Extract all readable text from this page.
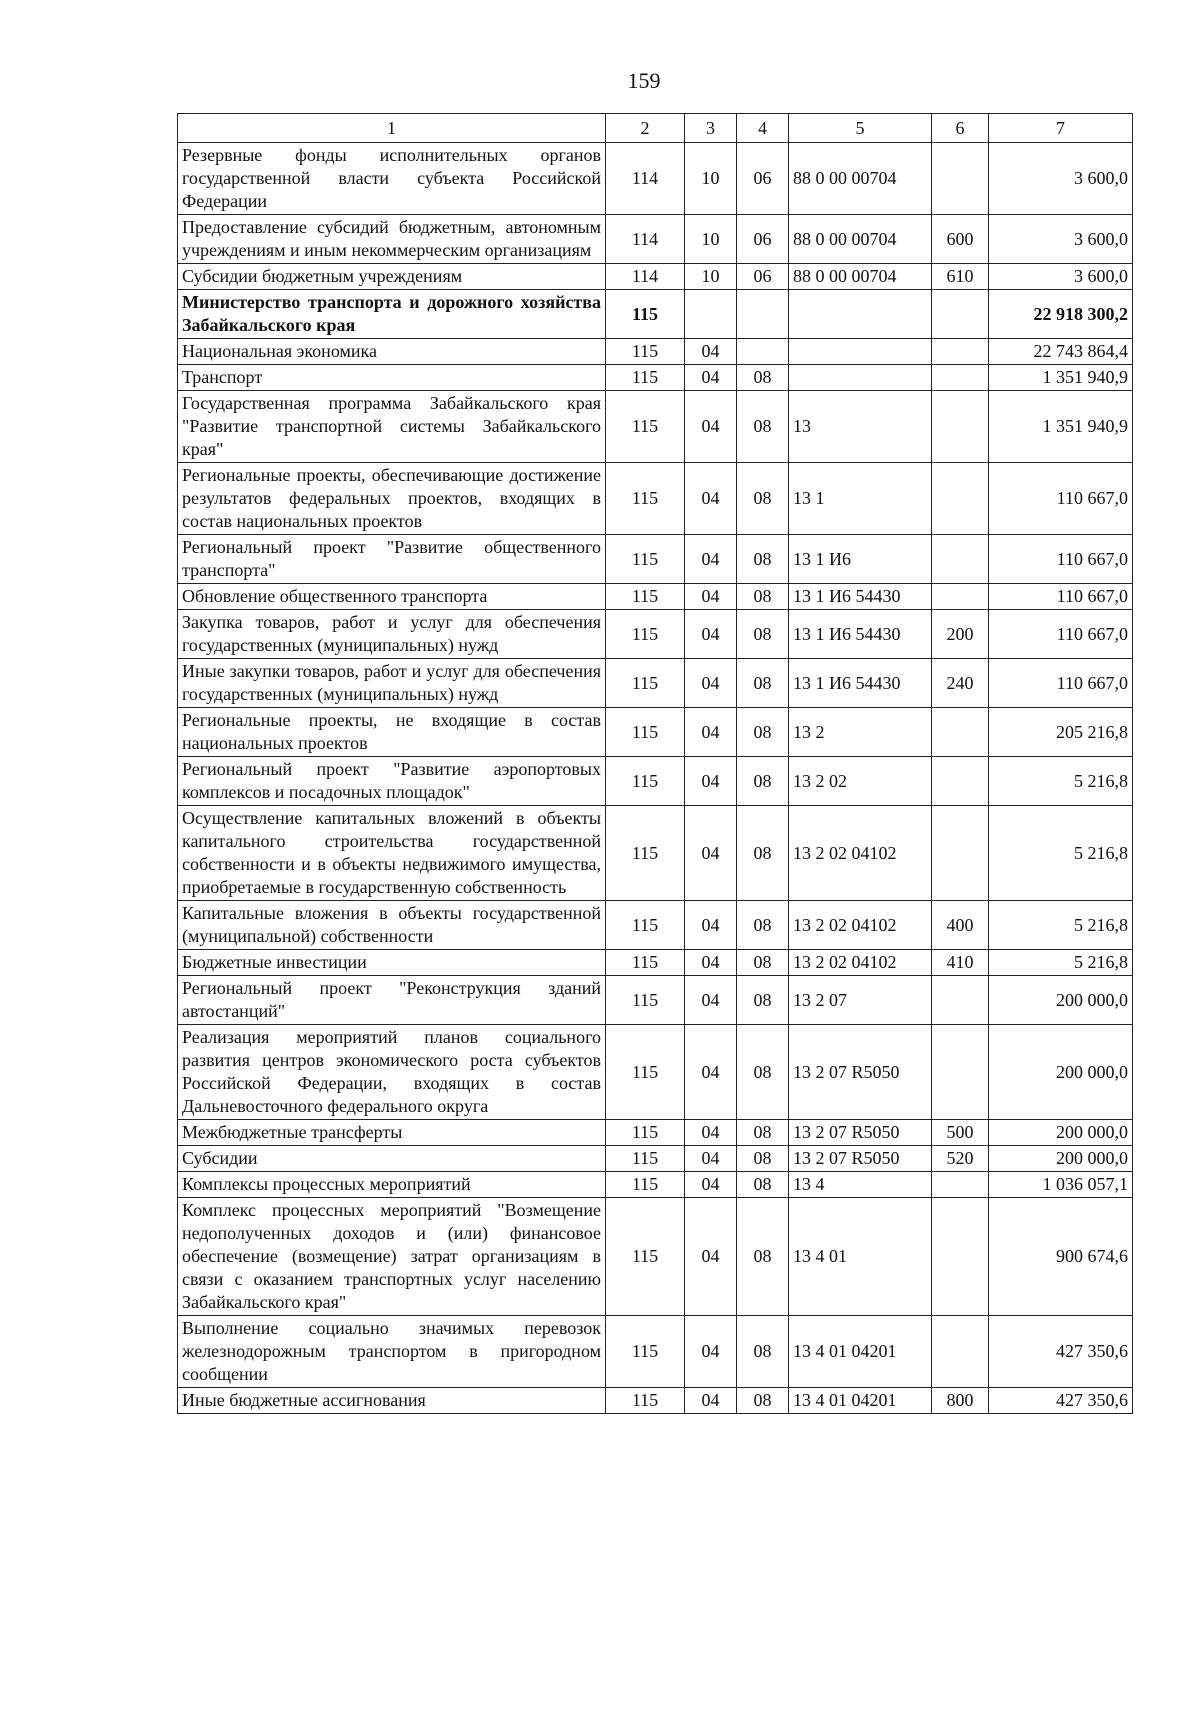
159
1	2	3	4	5	6	7
Резервные фонды исполнительных органов государственной власти субъекта Российской Федерации	114	10	06	88 0 00 00704		3 600,0
Предоставление субсидий бюджетным, автономным учреждениям и иным некоммерческим организациям	114	10	06	88 0 00 00704	600	3 600,0
Субсидии бюджетным учреждениям	114	10	06	88 0 00 00704	610	3 600,0
Министерство транспорта и дорожного хозяйства Забайкальского края	115					22 918 300,2
Национальная экономика	115	04				22 743 864,4
Транспорт	115	04	08			1 351 940,9
Государственная программа Забайкальского края "Развитие транспортной системы Забайкальского края"	115	04	08	13		1 351 940,9
Региональные проекты, обеспечивающие достижение результатов федеральных проектов, входящих в состав национальных проектов	115	04	08	13 1		110 667,0
Региональный проект "Развитие общественного транспорта"	115	04	08	13 1 И6		110 667,0
Обновление общественного транспорта	115	04	08	13 1 И6 54430		110 667,0
Закупка товаров, работ и услуг для обеспечения государственных (муниципальных) нужд	115	04	08	13 1 И6 54430	200	110 667,0
Иные закупки товаров, работ и услуг для обеспечения государственных (муниципальных) нужд	115	04	08	13 1 И6 54430	240	110 667,0
Региональные проекты, не входящие в состав национальных проектов	115	04	08	13 2		205 216,8
Региональный проект "Развитие аэропортовых комплексов и посадочных площадок"	115	04	08	13 2 02		5 216,8
Осуществление капитальных вложений в объекты капитального строительства государственной собственности и в объекты недвижимого имущества, приобретаемые в государственную собственность	115	04	08	13 2 02 04102		5 216,8
Капитальные вложения в объекты государственной (муниципальной) собственности	115	04	08	13 2 02 04102	400	5 216,8
Бюджетные инвестиции	115	04	08	13 2 02 04102	410	5 216,8
Региональный проект "Реконструкция зданий автостанций"	115	04	08	13 2 07		200 000,0
Реализация мероприятий планов социального развития центров экономического роста субъектов Российской Федерации, входящих в состав Дальневосточного федерального округа	115	04	08	13 2 07 R5050		200 000,0
Межбюджетные трансферты	115	04	08	13 2 07 R5050	500	200 000,0
Субсидии	115	04	08	13 2 07 R5050	520	200 000,0
Комплексы процессных мероприятий	115	04	08	13 4		1 036 057,1
Комплекс процессных мероприятий "Возмещение недополученных доходов и (или) финансовое обеспечение (возмещение) затрат организациям в связи с оказанием транспортных услуг населению Забайкальского края"	115	04	08	13 4 01		900 674,6
Выполнение социально значимых перевозок железнодорожным транспортом в пригородном сообщении	115	04	08	13 4 01 04201		427 350,6
Иные бюджетные ассигнования	115	04	08	13 4 01 04201	800	427 350,6
